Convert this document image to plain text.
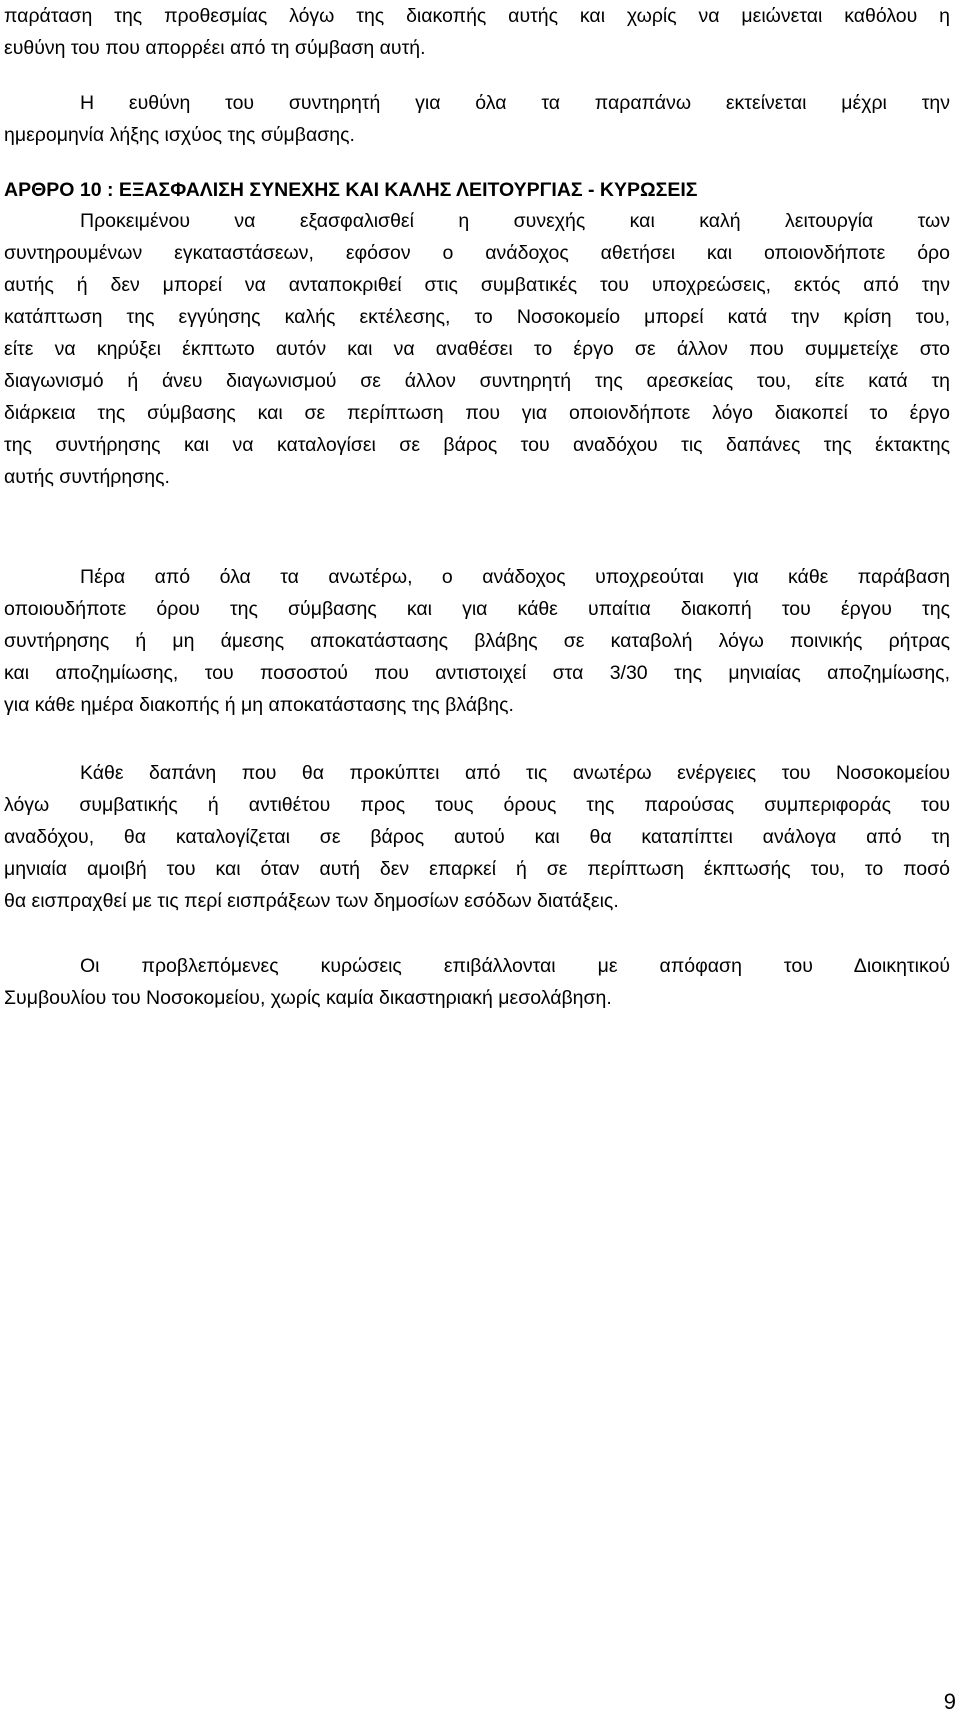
παράταση της προθεσμίας λόγω της διακοπής αυτής και χωρίς να μειώνεται καθόλου η
ευθύνη του που απορρέει από τη σύμβαση αυτή.
Η ευθύνη του συντηρητή για όλα τα παραπάνω εκτείνεται μέχρι την
ημερομηνία λήξης ισχύος της σύμβασης.
ΑΡΘΡΟ 10 : ΕΞΑΣΦΑΛΙΣΗ ΣΥΝΕΧΗΣ ΚΑΙ ΚΑΛΗΣ ΛΕΙΤΟΥΡΓΙΑΣ - ΚΥΡΩΣΕΙΣ
Προκειμένου να εξασφαλισθεί η συνεχής και καλή λειτουργία των
συντηρουμένων εγκαταστάσεων, εφόσον ο ανάδοχος αθετήσει και οποιονδήποτε όρο
αυτής ή δεν μπορεί να ανταποκριθεί στις συμβατικές του υποχρεώσεις, εκτός από την
κατάπτωση της εγγύησης καλής εκτέλεσης, το Νοσοκομείο μπορεί κατά την κρίση του,
είτε να κηρύξει έκπτωτο αυτόν και να αναθέσει το έργο σε άλλον που συμμετείχε στο
διαγωνισμό ή άνευ διαγωνισμού σε άλλον συντηρητή της αρεσκείας του, είτε κατά τη
διάρκεια της σύμβασης και σε περίπτωση που για οποιονδήποτε λόγο διακοπεί το έργο
της συντήρησης και να καταλογίσει σε βάρος του αναδόχου τις δαπάνες της έκτακτης
αυτής συντήρησης.
Πέρα από όλα τα ανωτέρω, ο ανάδοχος υποχρεούται για κάθε παράβαση
οποιουδήποτε όρου της σύμβασης και για κάθε υπαίτια διακοπή του έργου της
συντήρησης ή μη άμεσης αποκατάστασης βλάβης σε καταβολή λόγω ποινικής ρήτρας
και αποζημίωσης, του ποσοστού που αντιστοιχεί στα 3/30 της μηνιαίας αποζημίωσης,
για κάθε ημέρα διακοπής ή μη αποκατάστασης της βλάβης.
Κάθε δαπάνη που θα προκύπτει από τις ανωτέρω ενέργειες του Νοσοκομείου
λόγω συμβατικής ή αντιθέτου προς τους όρους της παρούσας συμπεριφοράς του
αναδόχου, θα καταλογίζεται σε βάρος αυτού και θα καταπίπτει ανάλογα από τη
μηνιαία αμοιβή του και όταν αυτή δεν επαρκεί ή σε περίπτωση έκπτωσής του, το ποσό
θα εισπραχθεί με τις περί εισπράξεων των δημοσίων εσόδων διατάξεις.
Οι προβλεπόμενες κυρώσεις επιβάλλονται με απόφαση του Διοικητικού
Συμβουλίου του Νοσοκομείου, χωρίς καμία δικαστηριακή μεσολάβηση.
9
